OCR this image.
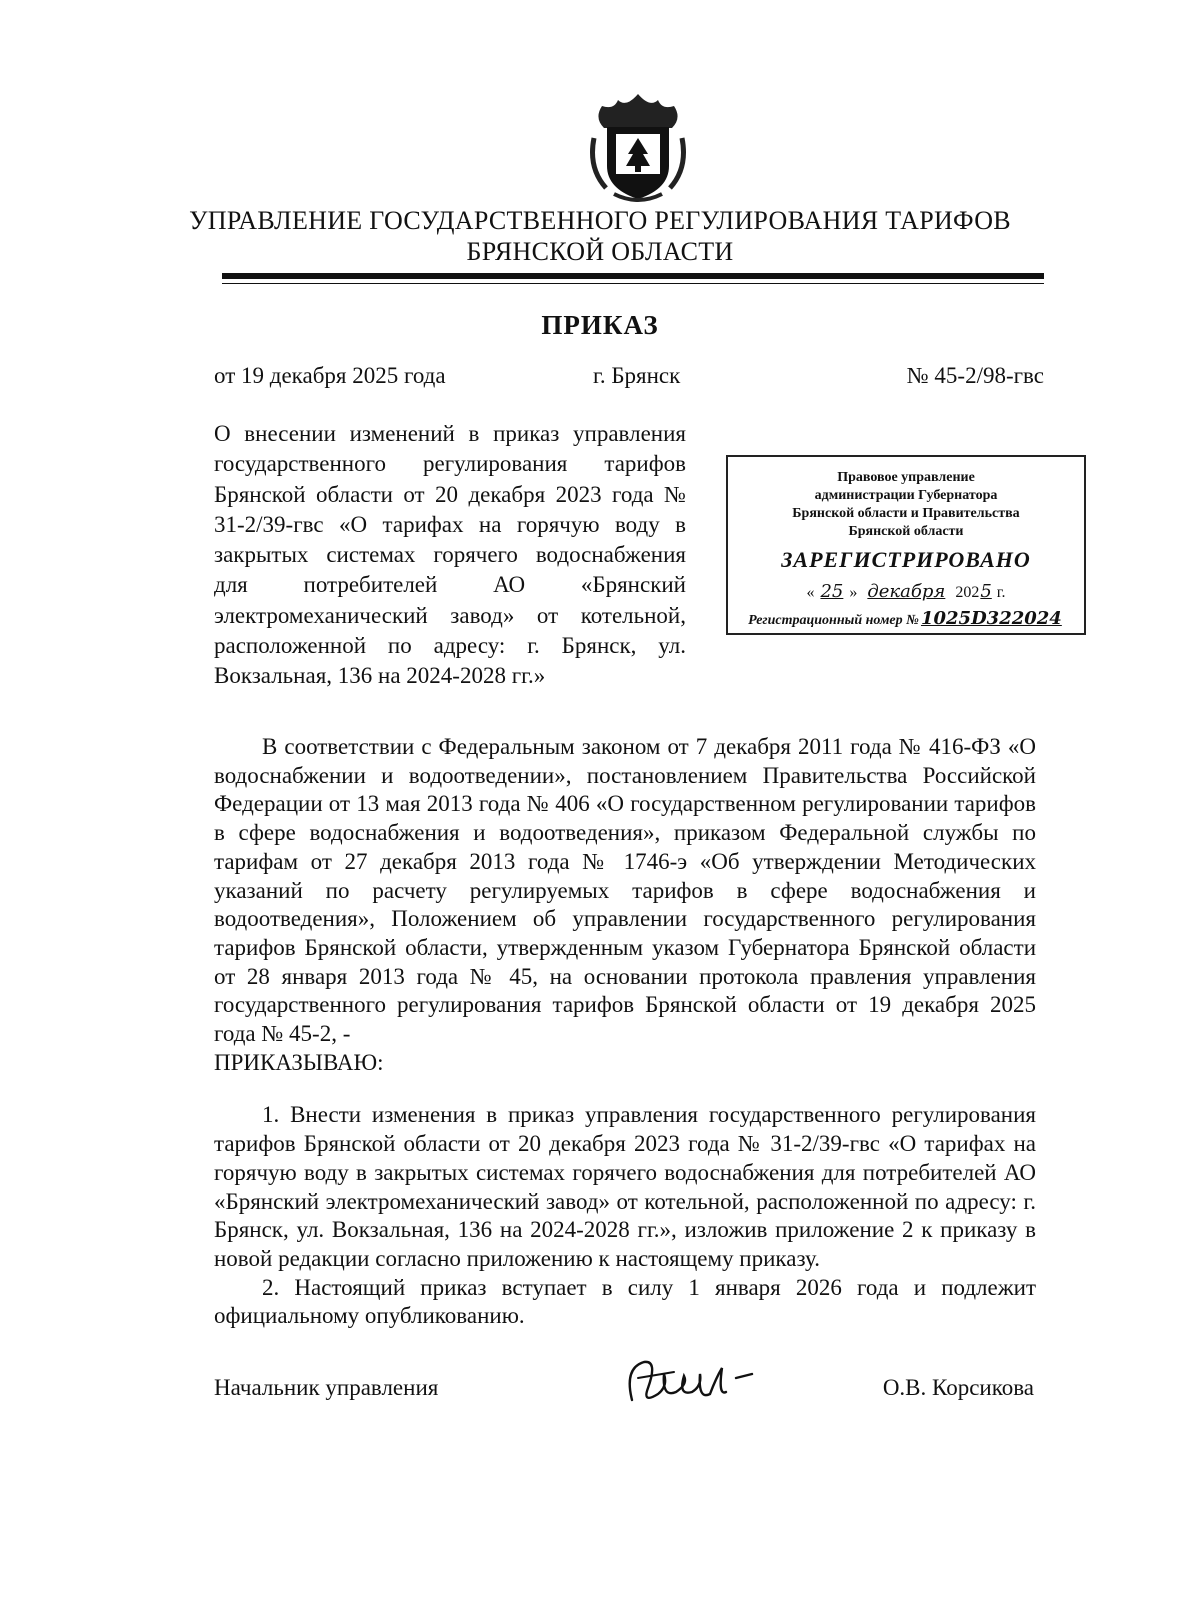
УПРАВЛЕНИЕ ГОСУДАРСТВЕННОГО РЕГУЛИРОВАНИЯ ТАРИФОВ
БРЯНСКОЙ ОБЛАСТИ
ПРИКАЗ
от 19 декабря 2025 года	г. Брянск	№ 45-2/98-гвс
О внесении изменений в приказ управления государственного регулирования тарифов Брянской области от 20 декабря 2023 года № 31-2/39-гвс «О тарифах на горячую воду в закрытых системах горячего водоснабжения для потребителей АО «Брянский электромеханический завод» от котельной, расположенной по адресу: г. Брянск, ул. Вокзальная, 136 на 2024-2028 гг.»
Правовое управление
администрации Губернатора
Брянской области и Правительства
Брянской области
ЗАРЕГИСТРИРОВАНО
« 25 » декабря 2025 г.
Регистрационный номер № 1025D322024

В соответствии с Федеральным законом от 7 декабря 2011 года № 416-ФЗ «О водоснабжении и водоотведении», постановлением Правительства Российской Федерации от 13 мая 2013 года № 406 «О государственном регулировании тарифов в сфере водоснабжения и водоотведения», приказом Федеральной службы по тарифам от 27 декабря 2013 года № 1746-э «Об утверждении Методических указаний по расчету регулируемых тарифов в сфере водоснабжения и водоотведения», Положением об управлении государственного регулирования тарифов Брянской области, утвержденным указом Губернатора Брянской области от 28 января 2013 года № 45, на основании протокола правления управления государственного регулирования тарифов Брянской области от 19 декабря 2025 года № 45-2, -

ПРИКАЗЫВАЮ:

1. Внести изменения в приказ управления государственного регулирования тарифов Брянской области от 20 декабря 2023 года № 31-2/39-гвс «О тарифах на горячую воду в закрытых системах горячего водоснабжения для потребителей АО «Брянский электромеханический завод» от котельной, расположенной по адресу: г. Брянск, ул. Вокзальная, 136 на 2024-2028 гг.», изложив приложение 2 к приказу в новой редакции согласно приложению к настоящему приказу.

2. Настоящий приказ вступает в силу 1 января 2026 года и подлежит официальному опубликованию.

Начальник управления	О.В. Корсикова
